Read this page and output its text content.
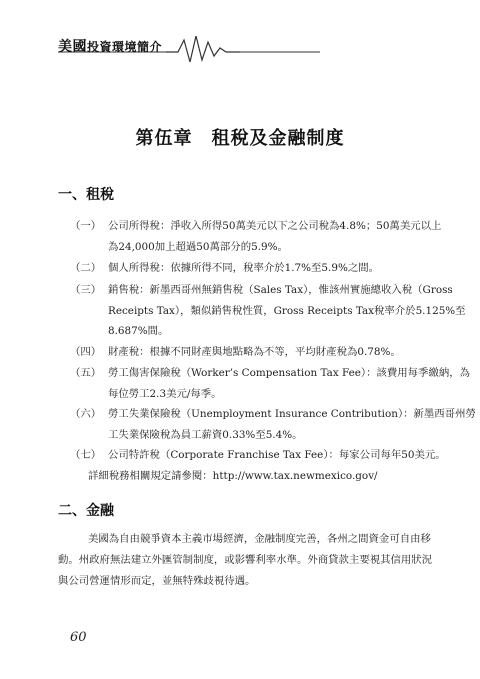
美國投資環境簡介
第伍章　租稅及金融制度
一、租稅
（一） 公司所得稅：淨收入所得50萬美元以下之公司稅為4.8%；50萬美元以上
為24,000加上超過50萬部分的5.9%。
（二） 個人所得稅：依據所得不同，稅率介於1.7%至5.9%之間。
（三） 銷售稅：新墨西哥州無銷售稅（Sales Tax），惟該州實施總收入稅（Gross
Receipts Tax），類似銷售稅性質，Gross Receipts Tax稅率介於5.125%至
8.687%間。
（四） 財產稅：根據不同財產與地點略為不等，平均財產稅為0.78%。
（五） 勞工傷害保險稅（Worker’s Compensation Tax Fee）：該費用每季繳納，為
每位勞工2.3美元/每季。
（六） 勞工失業保險稅（Unemployment Insurance Contribution）：新墨西哥州勞
工失業保險稅為員工薪資0.33%至5.4%。
（七） 公司特許稅（Corporate Franchise Tax Fee）：每家公司每年50美元。
詳細稅務相關規定請參閱：http://www.tax.newmexico.gov/
二、金融
美國為自由競爭資本主義市場經濟，金融制度完善，各州之間資金可自由移
動。州政府無法建立外匯管制制度，或影響利率水準。外商貸款主要視其信用狀況
與公司營運情形而定，並無特殊歧視待遇。
60
